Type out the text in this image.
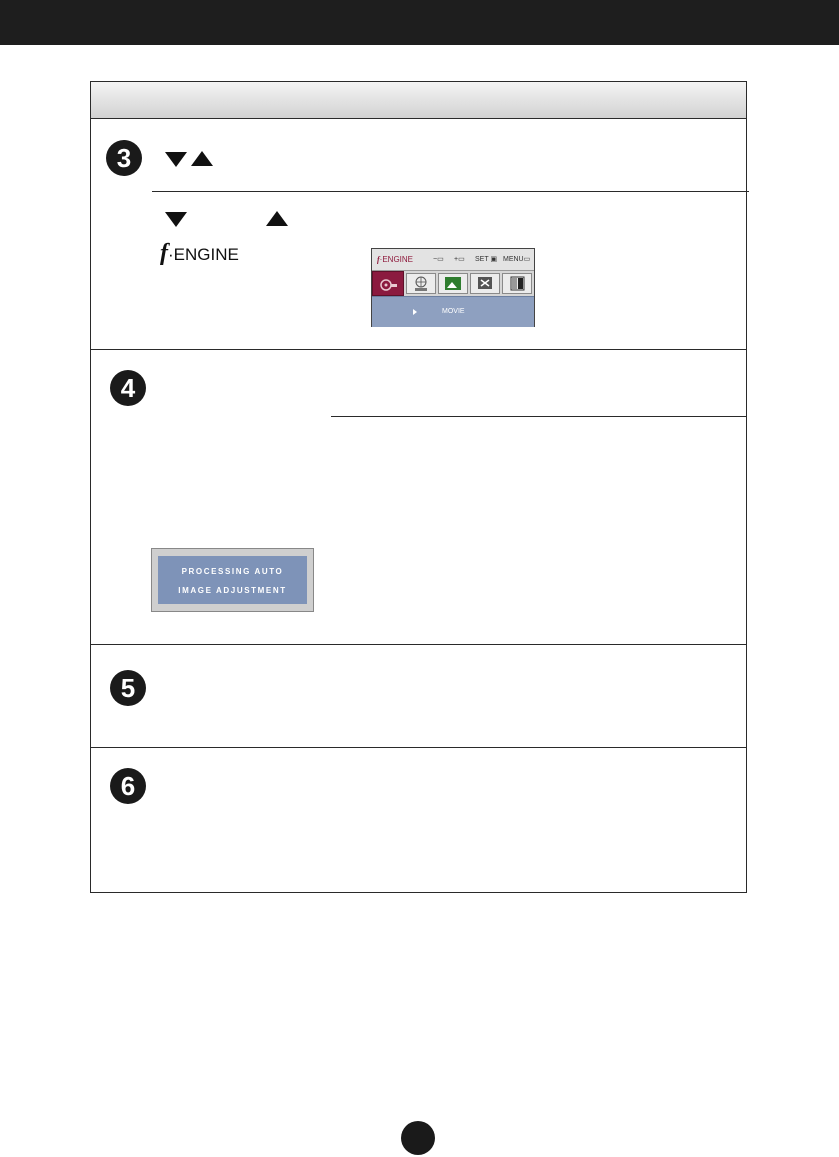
3
f·ENGINE	f·ENGINE	−▭ +▭ SET ▣ MENU▭
MOVIE
4
PROCESSING AUTO
IMAGE ADJUSTMENT
5
6
